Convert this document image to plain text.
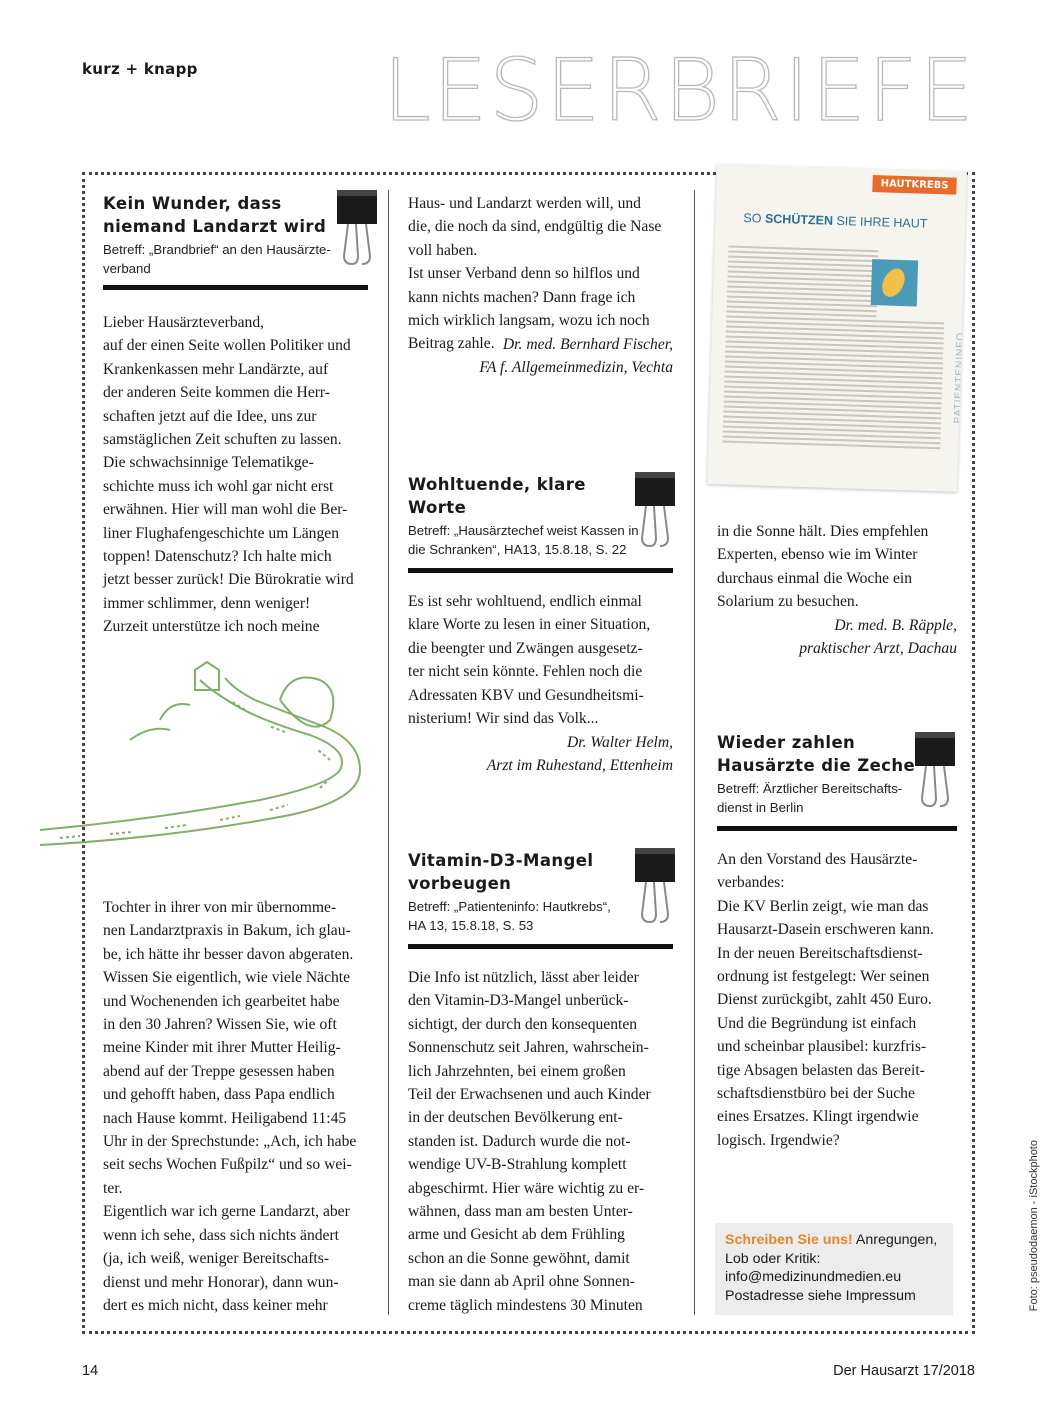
kurz + knapp LESERBRIEFE
Kein Wunder, dass
niemand Landarzt wird
Betreff: „Brandbrief“ an den Hausärzte-
verband

Lieber Hausärzteverband,

auf der einen Seite wollen Politiker und

Krankenkassen mehr Landärzte, auf

der anderen Seite kommen die Herr-

schaften jetzt auf die Idee, uns zur

samstäglichen Zeit schuften zu lassen.

Die schwachsinnige Telematikge-

schichte muss ich wohl gar nicht erst

erwähnen. Hier will man wohl die Ber-

liner Flughafengeschichte um Längen

toppen! Datenschutz? Ich halte mich

jetzt besser zurück! Die Bürokratie wird

immer schlimmer, denn weniger!

Zurzeit unterstütze ich noch meine

Tochter in ihrer von mir übernomme-

nen Landarztpraxis in Bakum, ich glau-

be, ich hätte ihr besser davon abgeraten.

Wissen Sie eigentlich, wie viele Nächte

und Wochenenden ich gearbeitet habe

in den 30 Jahren? Wissen Sie, wie oft

meine Kinder mit ihrer Mutter Heilig-

abend auf der Treppe gesessen haben

und gehofft haben, dass Papa endlich

nach Hause kommt. Heiligabend 11:45

Uhr in der Sprechstunde: „Ach, ich habe

seit sechs Wochen Fußpilz“ und so wei-

ter.

Eigentlich war ich gerne Landarzt, aber

wenn ich sehe, dass sich nichts ändert

(ja, ich weiß, weniger Bereitschafts-

dienst und mehr Honorar), dann wun-

dert es mich nicht, dass keiner mehr

Haus- und Landarzt werden will, und

die, die noch da sind, endgültig die Nase

voll haben.

Ist unser Verband denn so hilflos und

kann nichts machen? Dann frage ich

mich wirklich langsam, wozu ich noch

Beitrag zahle. Dr. med. Bernhard Fischer,

FA f. Allgemeinmedizin, Vechta

Wohltuende, klare
Worte
Betreff: „Hausärztechef weist Kassen in
die Schranken“, HA13, 15.8.18, S. 22

Es ist sehr wohltuend, endlich einmal

klare Worte zu lesen in einer Situation,

die beengter und Zwängen ausgesetz-

ter nicht sein könnte. Fehlen noch die

Adressaten KBV und Gesundheitsmi-

nisterium! Wir sind das Volk...

Dr. Walter Helm,

Arzt im Ruhestand, Ettenheim

Vitamin-D3-Mangel
vorbeugen
Betreff: „Patienteninfo: Hautkrebs“,
HA 13, 15.8.18, S. 53

Die Info ist nützlich, lässt aber leider

den Vitamin-D3-Mangel unberück-

sichtigt, der durch den konsequenten

Sonnenschutz seit Jahren, wahrschein-

lich Jahrzehnten, bei einem großen

Teil der Erwachsenen und auch Kinder

in der deutschen Bevölkerung ent-

standen ist. Dadurch wurde die not-

wendige UV-B-Strahlung komplett

abgeschirmt. Hier wäre wichtig zu er-

wähnen, dass man am besten Unter-

arme und Gesicht ab dem Frühling

schon an die Sonne gewöhnt, damit

man sie dann ab April ohne Sonnen-

creme täglich mindestens 30 Minuten

HAUTKREBS
SO SCHÜTZEN SIE IHRE HAUT
PATIENTENINFO

in die Sonne hält. Dies empfehlen

Experten, ebenso wie im Winter

durchaus einmal die Woche ein

Solarium zu besuchen.

Dr. med. B. Räpple,

praktischer Arzt, Dachau

Wieder zahlen
Hausärzte die Zeche
Betreff: Ärztlicher Bereitschafts-
dienst in Berlin

An den Vorstand des Hausärzte-

verbandes:

Die KV Berlin zeigt, wie man das

Hausarzt-Dasein erschweren kann.

In der neuen Bereitschaftsdienst-

ordnung ist festgelegt: Wer seinen

Dienst zurückgibt, zahlt 450 Euro.

Und die Begründung ist einfach

und scheinbar plausibel: kurzfris-

tige Absagen belasten das Bereit-

schaftsdienstbüro bei der Suche

eines Ersatzes. Klingt irgendwie

logisch. Irgendwie?

Schreiben Sie uns! Anregungen,
Lob oder Kritik:
info@medizinundmedien.eu
Postadresse siehe Impressum
14	Der Hausarzt 17/2018
Foto: pseudodaemon - iStockphoto
